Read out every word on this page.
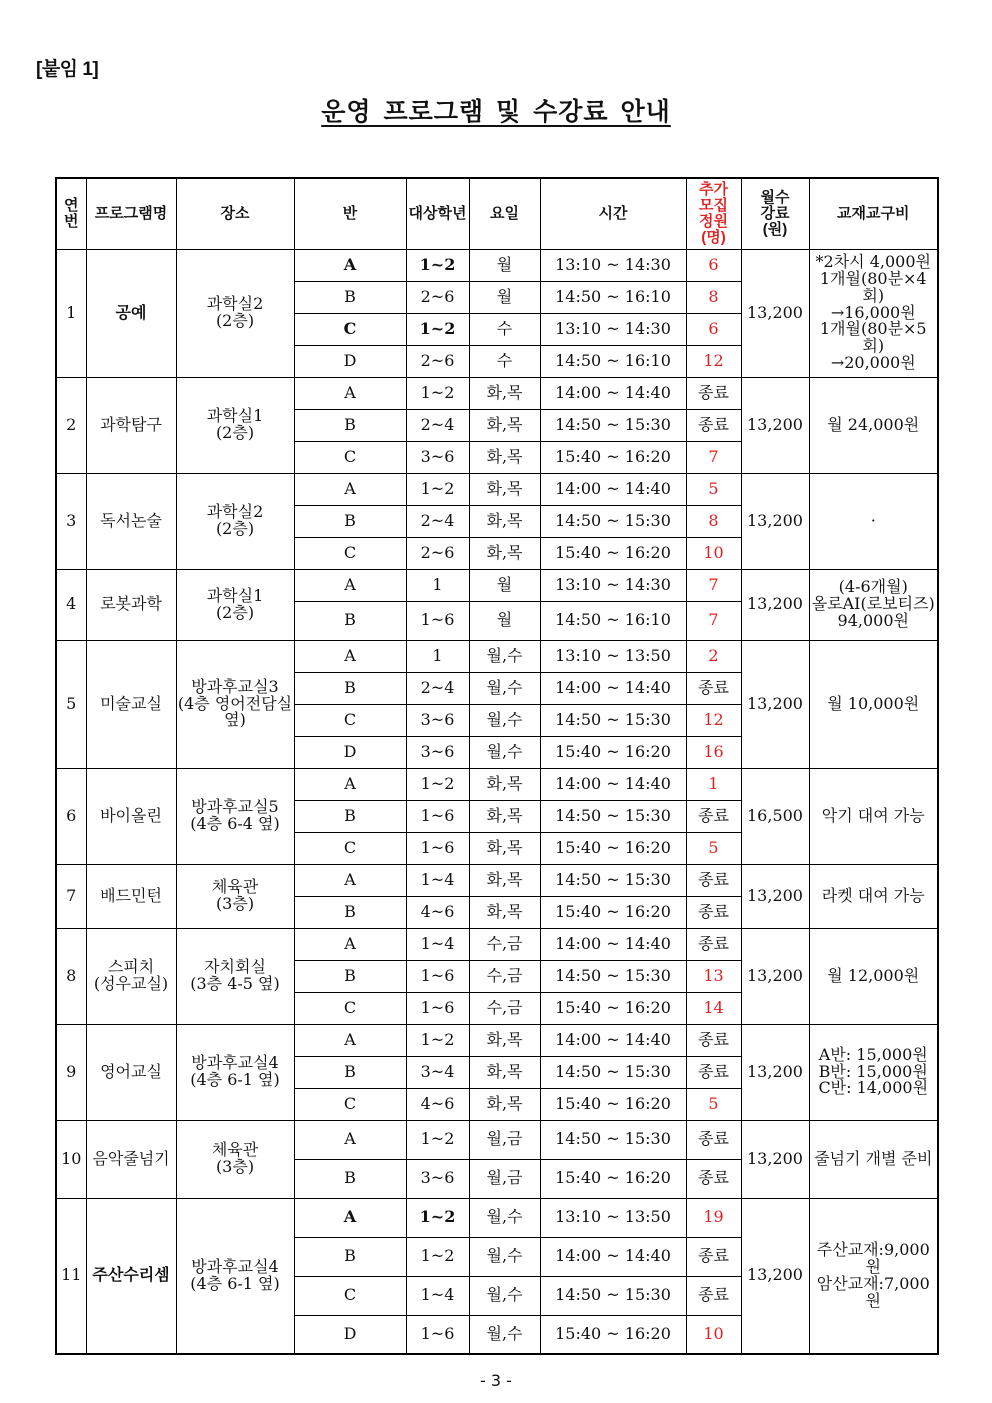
[붙임 1]
운영 프로그램 및 수강료 안내
연
번	프로그램명	장소	반	대상학년	요일	시간	추가
모집
정원
(명)	월수
강료
(원)	교재교구비
1	공예	과학실2
(2층)	A	1~2	월	13:10 ~ 14:30	6	13,200	*2차시 4,000원
1개월(80분×4회)
→16,000원
1개월(80분×5회)
→20,000원
			B	2~6	월	14:50 ~ 16:10	8		
			C	1~2	수	13:10 ~ 14:30	6		
			D	2~6	수	14:50 ~ 16:10	12		
2	과학탐구	과학실1
(2층)	A	1~2	화,목	14:00 ~ 14:40	종료	13,200	월 24,000원
			B	2~4	화,목	14:50 ~ 15:30	종료		
			C	3~6	화,목	15:40 ~ 16:20	7		
3	독서논술	과학실2
(2층)	A	1~2	화,목	14:00 ~ 14:40	5	13,200	·
			B	2~4	화,목	14:50 ~ 15:30	8		
			C	2~6	화,목	15:40 ~ 16:20	10		
4	로봇과학	과학실1
(2층)	A	1	월	13:10 ~ 14:30	7	13,200	(4-6개월)
올로AI(로보티즈)
94,000원
			B	1~6	월	14:50 ~ 16:10	7		
5	미술교실	방과후교실3
(4층 영어전담실 옆)	A	1	월,수	13:10 ~ 13:50	2	13,200	월 10,000원
			B	2~4	월,수	14:00 ~ 14:40	종료		
			C	3~6	월,수	14:50 ~ 15:30	12		
			D	3~6	월,수	15:40 ~ 16:20	16		
6	바이올린	방과후교실5
(4층 6-4 옆)	A	1~2	화,목	14:00 ~ 14:40	1	16,500	악기 대여 가능
			B	1~6	화,목	14:50 ~ 15:30	종료		
			C	1~6	화,목	15:40 ~ 16:20	5		
7	배드민턴	체육관
(3층)	A	1~4	화,목	14:50 ~ 15:30	종료	13,200	라켓 대여 가능
			B	4~6	화,목	15:40 ~ 16:20	종료		
8	스피치
(성우교실)	자치회실
(3층 4-5 옆)	A	1~4	수,금	14:00 ~ 14:40	종료	13,200	월 12,000원
			B	1~6	수,금	14:50 ~ 15:30	13		
			C	1~6	수,금	15:40 ~ 16:20	14		
9	영어교실	방과후교실4
(4층 6-1 옆)	A	1~2	화,목	14:00 ~ 14:40	종료	13,200	A반: 15,000원
B반: 15,000원
C반: 14,000원
			B	3~4	화,목	14:50 ~ 15:30	종료		
			C	4~6	화,목	15:40 ~ 16:20	5		
10	음악줄넘기	체육관
(3층)	A	1~2	월,금	14:50 ~ 15:30	종료	13,200	줄넘기 개별 준비
			B	3~6	월,금	15:40 ~ 16:20	종료		
11	주산수리셈	방과후교실4
(4층 6-1 옆)	A	1~2	월,수	13:10 ~ 13:50	19	13,200	주산교재:9,000원
암산교재:7,000원
			B	1~2	월,수	14:00 ~ 14:40	종료		
			C	1~4	월,수	14:50 ~ 15:30	종료		
			D	1~6	월,수	15:40 ~ 16:20	10		
- 3 -
